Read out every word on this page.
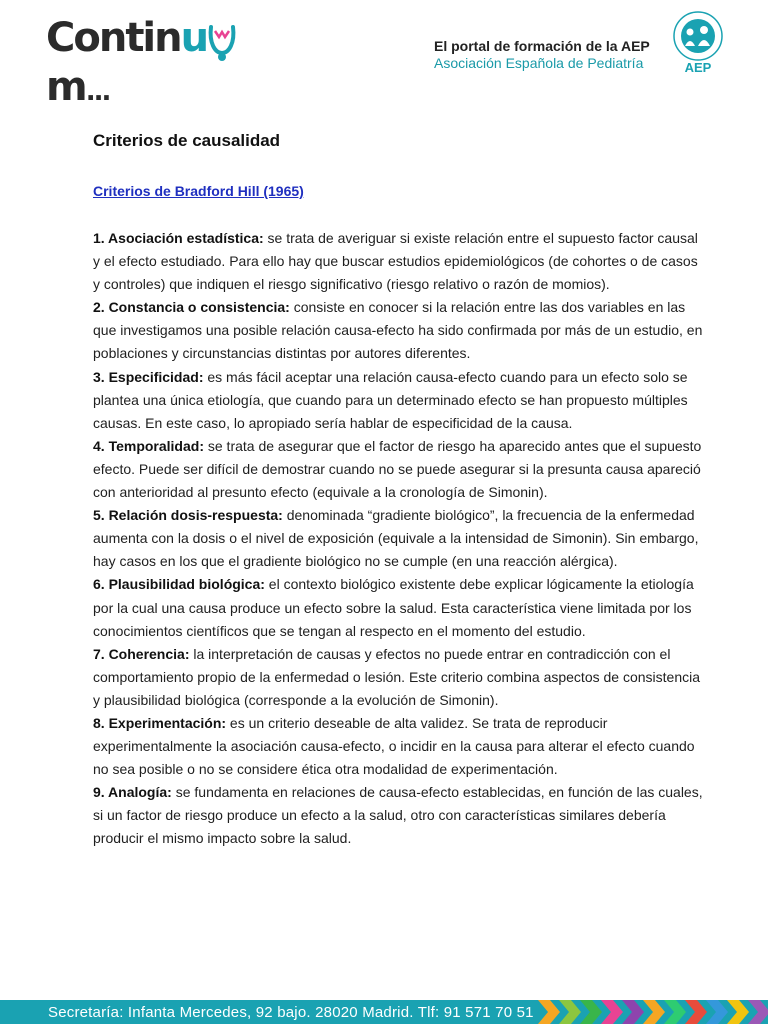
Continum...
El portal de formación de la AEP
Asociación Española de Pediatría	AEP
Criterios de causalidad
Criterios de Bradford Hill (1965)

1. Asociación estadística: se trata de averiguar si existe relación entre el supuesto factor causal y el efecto estudiado. Para ello hay que buscar estudios epidemiológicos (de cohortes o de casos y controles) que indiquen el riesgo significativo (riesgo relativo o razón de momios).

2. Constancia o consistencia: consiste en conocer si la relación entre las dos variables en las que investigamos una posible relación causa-efecto ha sido confirmada por más de un estudio, en poblaciones y circunstancias distintas por autores diferentes.

3. Especificidad: es más fácil aceptar una relación causa-efecto cuando para un efecto solo se plantea una única etiología, que cuando para un determinado efecto se han propuesto múltiples causas. En este caso, lo apropiado sería hablar de especificidad de la causa.

4. Temporalidad: se trata de asegurar que el factor de riesgo ha aparecido antes que el supuesto efecto. Puede ser difícil de demostrar cuando no se puede asegurar si la presunta causa apareció con anterioridad al presunto efecto (equivale a la cronología de Simonin).

5. Relación dosis-respuesta: denominada “gradiente biológico”, la frecuencia de la enfermedad aumenta con la dosis o el nivel de exposición (equivale a la intensidad de Simonin). Sin embargo, hay casos en los que el gradiente biológico no se cumple (en una reacción alérgica).

6. Plausibilidad biológica: el contexto biológico existente debe explicar lógicamente la etiología por la cual una causa produce un efecto sobre la salud. Esta característica viene limitada por los conocimientos científicos que se tengan al respecto en el momento del estudio.

7. Coherencia: la interpretación de causas y efectos no puede entrar en contradicción con el comportamiento propio de la enfermedad o lesión. Este criterio combina aspectos de consistencia y plausibilidad biológica (corresponde a la evolución de Simonin).

8. Experimentación: es un criterio deseable de alta validez. Se trata de reproducir experimentalmente la asociación causa-efecto, o incidir en la causa para alterar el efecto cuando no sea posible o no se considere ética otra modalidad de experimentación.

9. Analogía: se fundamenta en relaciones de causa-efecto establecidas, en función de las cuales, si un factor de riesgo produce un efecto a la salud, otro con características similares debería producir el mismo impacto sobre la salud.

Secretaría: Infanta Mercedes, 92 bajo. 28020 Madrid. Tlf: 91 571 70 51
